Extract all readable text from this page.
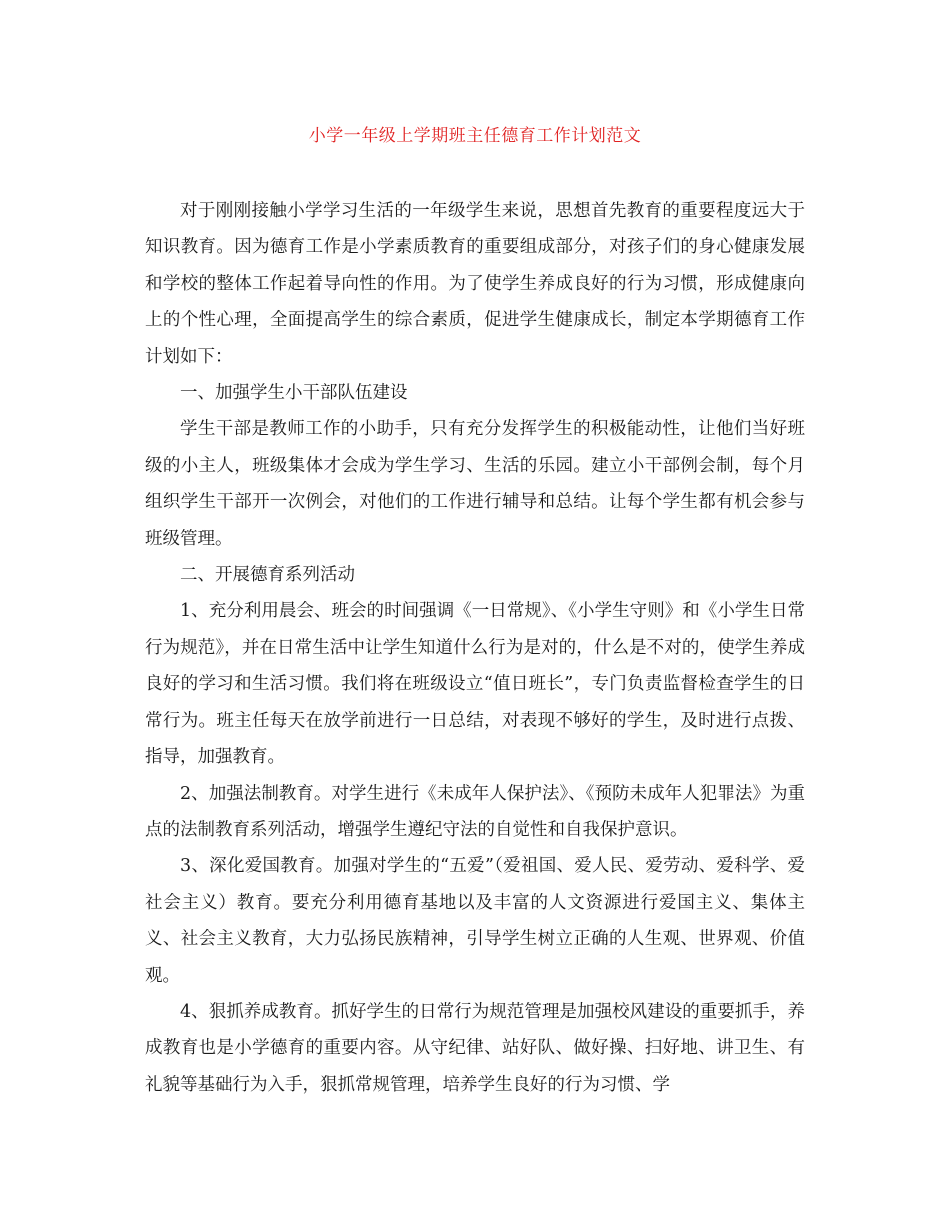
小学一年级上学期班主任德育工作计划范文

对于刚刚接触小学学习生活的一年级学生来说，思想首先教育的重要程度远大于知识教育。因为德育工作是小学素质教育的重要组成部分，对孩子们的身心健康发展和学校的整体工作起着导向性的作用。为了使学生养成良好的行为习惯，形成健康向上的个性心理，全面提高学生的综合素质，促进学生健康成长，制定本学期德育工作计划如下：

一、加强学生小干部队伍建设

学生干部是教师工作的小助手，只有充分发挥学生的积极能动性，让他们当好班级的小主人，班级集体才会成为学生学习、生活的乐园。建立小干部例会制，每个月组织学生干部开一次例会，对他们的工作进行辅导和总结。让每个学生都有机会参与班级管理。

二、开展德育系列活动

1、充分利用晨会、班会的时间强调《一日常规》、《小学生守则》和《小学生日常行为规范》，并在日常生活中让学生知道什么行为是对的，什么是不对的，使学生养成良好的学习和生活习惯。我们将在班级设立“值日班长”，专门负责监督检查学生的日常行为。班主任每天在放学前进行一日总结，对表现不够好的学生，及时进行点拨、指导，加强教育。

2、加强法制教育。对学生进行《未成年人保护法》、《预防未成年人犯罪法》为重点的法制教育系列活动，增强学生遵纪守法的自觉性和自我保护意识。

3、深化爱国教育。加强对学生的“五爱”（爱祖国、爱人民、爱劳动、爱科学、爱社会主义）教育。要充分利用德育基地以及丰富的人文资源进行爱国主义、集体主义、社会主义教育，大力弘扬民族精神，引导学生树立正确的人生观、世界观、价值观。

4、狠抓养成教育。抓好学生的日常行为规范管理是加强校风建设的重要抓手，养成教育也是小学德育的重要内容。从守纪律、站好队、做好操、扫好地、讲卫生、有礼貌等基础行为入手，狠抓常规管理，培养学生良好的行为习惯、学
